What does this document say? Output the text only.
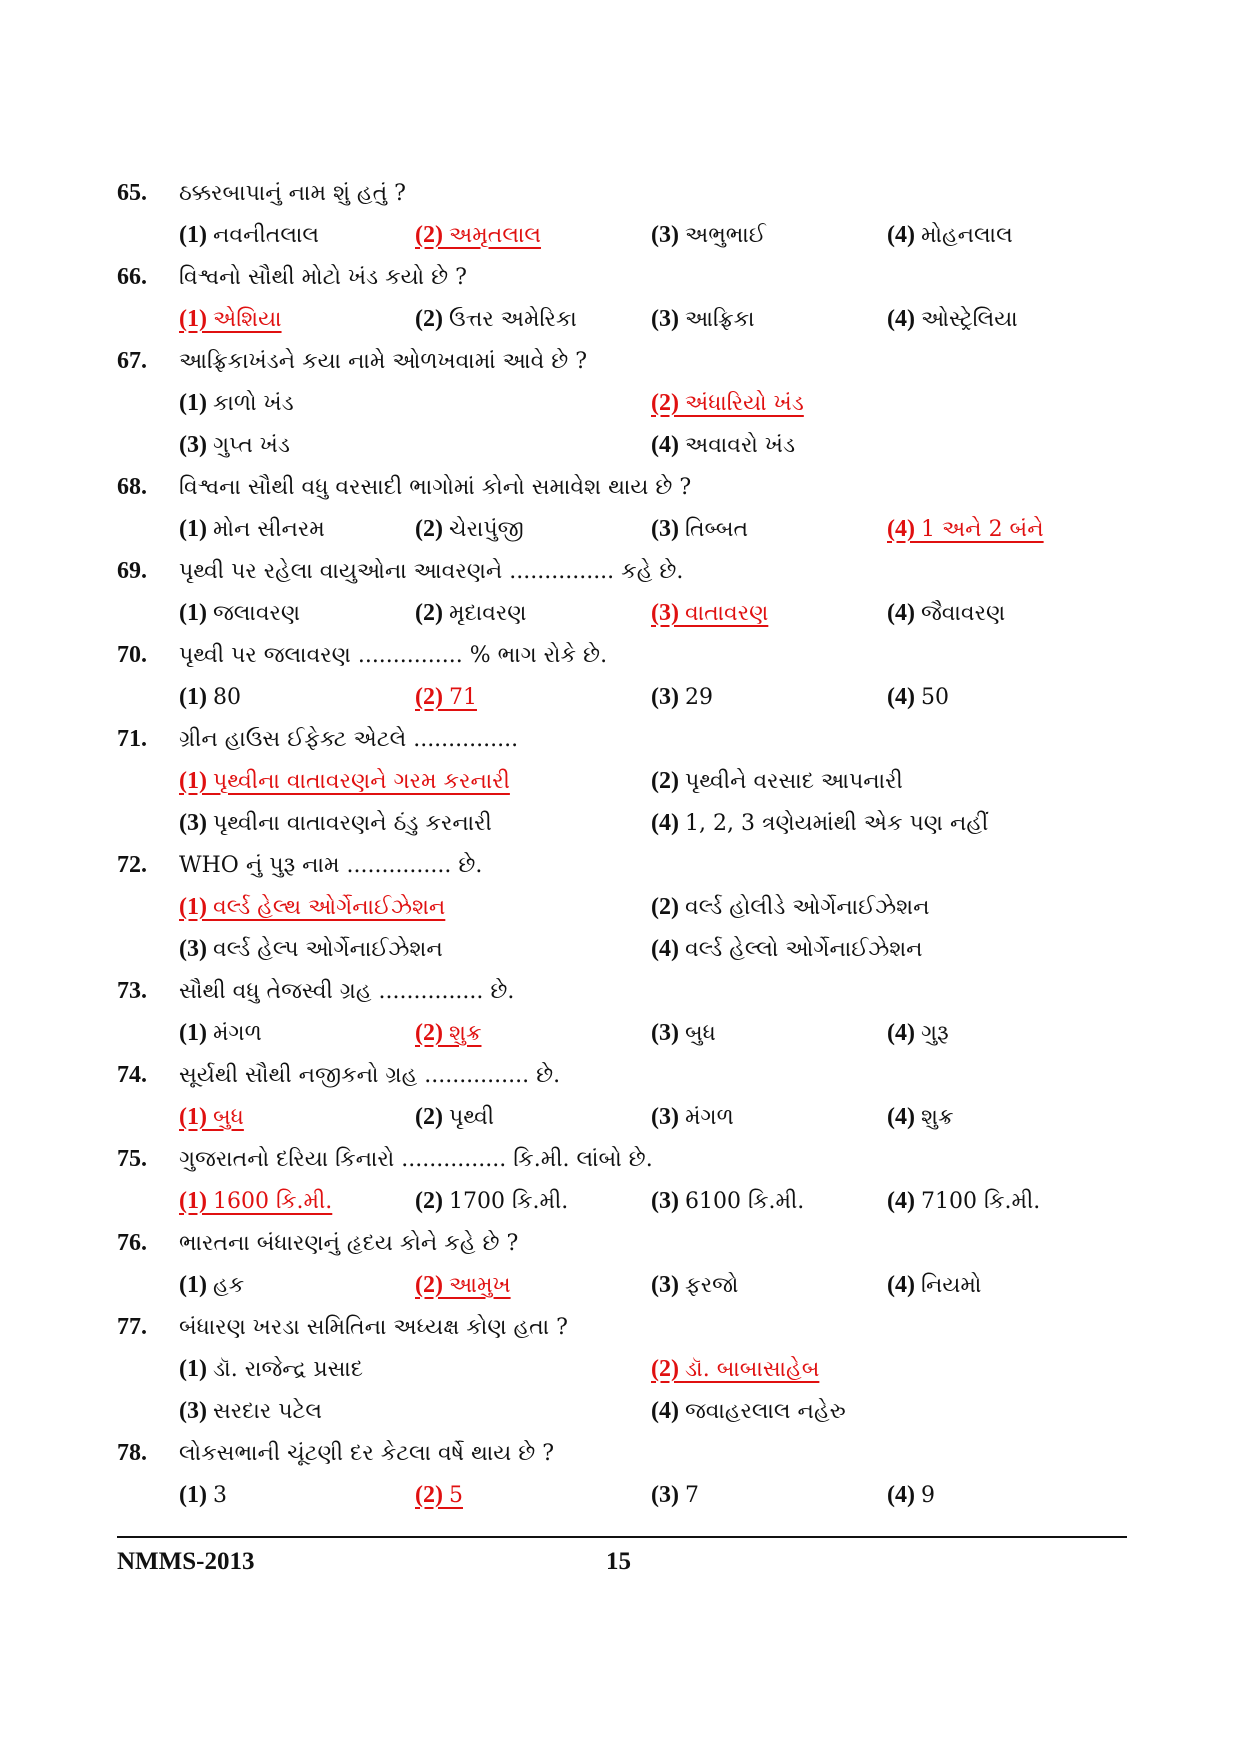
65.	ઠક્કરબાપાનું નામ શું હતું ?
(1) નવનીતલાલ	(2) અમૃતલાલ	(3) અભુભાઈ	(4) મોહનલાલ
66.	વિશ્વનો સૌથી મોટો ખંડ કયો છે ?
(1) એશિયા	(2) ઉત્તર અમેરિકા	(3) આફ્રિકા	(4) ઓસ્ટ્રેલિયા
67.	આફ્રિકાખંડને કયા નામે ઓળખવામાં આવે છે ?
(1) કાળો ખંડ	(2) અંધારિયો ખંડ
(3) ગુપ્ત ખંડ	(4) અવાવરો ખંડ
68.	વિશ્વના સૌથી વધુ વરસાદી ભાગોમાં કોનો સમાવેશ થાય છે ?
(1) મોન સીનરમ	(2) ચેરાપુંજી	(3) તિબ્બત	(4) 1 અને 2 બંને
69.	પૃથ્વી પર રહેલા વાયુઓના આવરણને ............... કહે છે.
(1) જલાવરણ	(2) મૃદાવરણ	(3) વાતાવરણ	(4) જૈવાવરણ
70.	પૃથ્વી પર જલાવરણ ............... % ભાગ રોકે છે.
(1) 80	(2) 71	(3) 29	(4) 50
71.	ગ્રીન હાઉસ ઈફેક્ટ એટલે ...............
(1) પૃથ્વીના વાતાવરણને ગરમ કરનારી	(2) પૃથ્વીને વરસાદ આપનારી
(3) પૃથ્વીના વાતાવરણને ઠંડુ કરનારી	(4) 1, 2, 3 ત્રણેયમાંથી એક પણ નહીં
72.	WHO નું પુરૂ નામ ............... છે.
(1) વર્લ્ડ હેલ્થ ઓર્ગેનાઈઝેશન	(2) વર્લ્ડ હોલીડે ઓર્ગેનાઈઝેશન
(3) વર્લ્ડ હેલ્પ ઓર્ગેનાઈઝેશન	(4) વર્લ્ડ હેલ્લો ઓર્ગેનાઈઝેશન
73.	સૌથી વધુ તેજસ્વી ગ્રહ ............... છે.
(1) મંગળ	(2) શુક્ર	(3) બુધ	(4) ગુરૂ
74.	સૂર્યથી સૌથી નજીકનો ગ્રહ ............... છે.
(1) બુધ	(2) પૃથ્વી	(3) મંગળ	(4) શુક્ર
75.	ગુજરાતનો દરિયા કિનારો ............... કિ.મી. લાંબો છે.
(1) 1600 કિ.મી.	(2) 1700 કિ.મી.	(3) 6100 કિ.મી.	(4) 7100 કિ.મી.
76.	ભારતના બંધારણનું હૃદય કોને કહે છે ?
(1) હક	(2) આમુખ	(3) ફરજો	(4) નિયમો
77.	બંધારણ ખરડા સમિતિના અધ્યક્ષ કોણ હતા ?
(1) ડૉ. રાજેન્દ્ર પ્રસાદ	(2) ડૉ. બાબાસાહેબ
(3) સરદાર પટેલ	(4) જવાહરલાલ નહેરુ
78.	લોકસભાની ચૂંટણી દર કેટલા વર્ષે થાય છે ?
(1) 3	(2) 5	(3) 7	(4) 9
NMMS-2013	15
